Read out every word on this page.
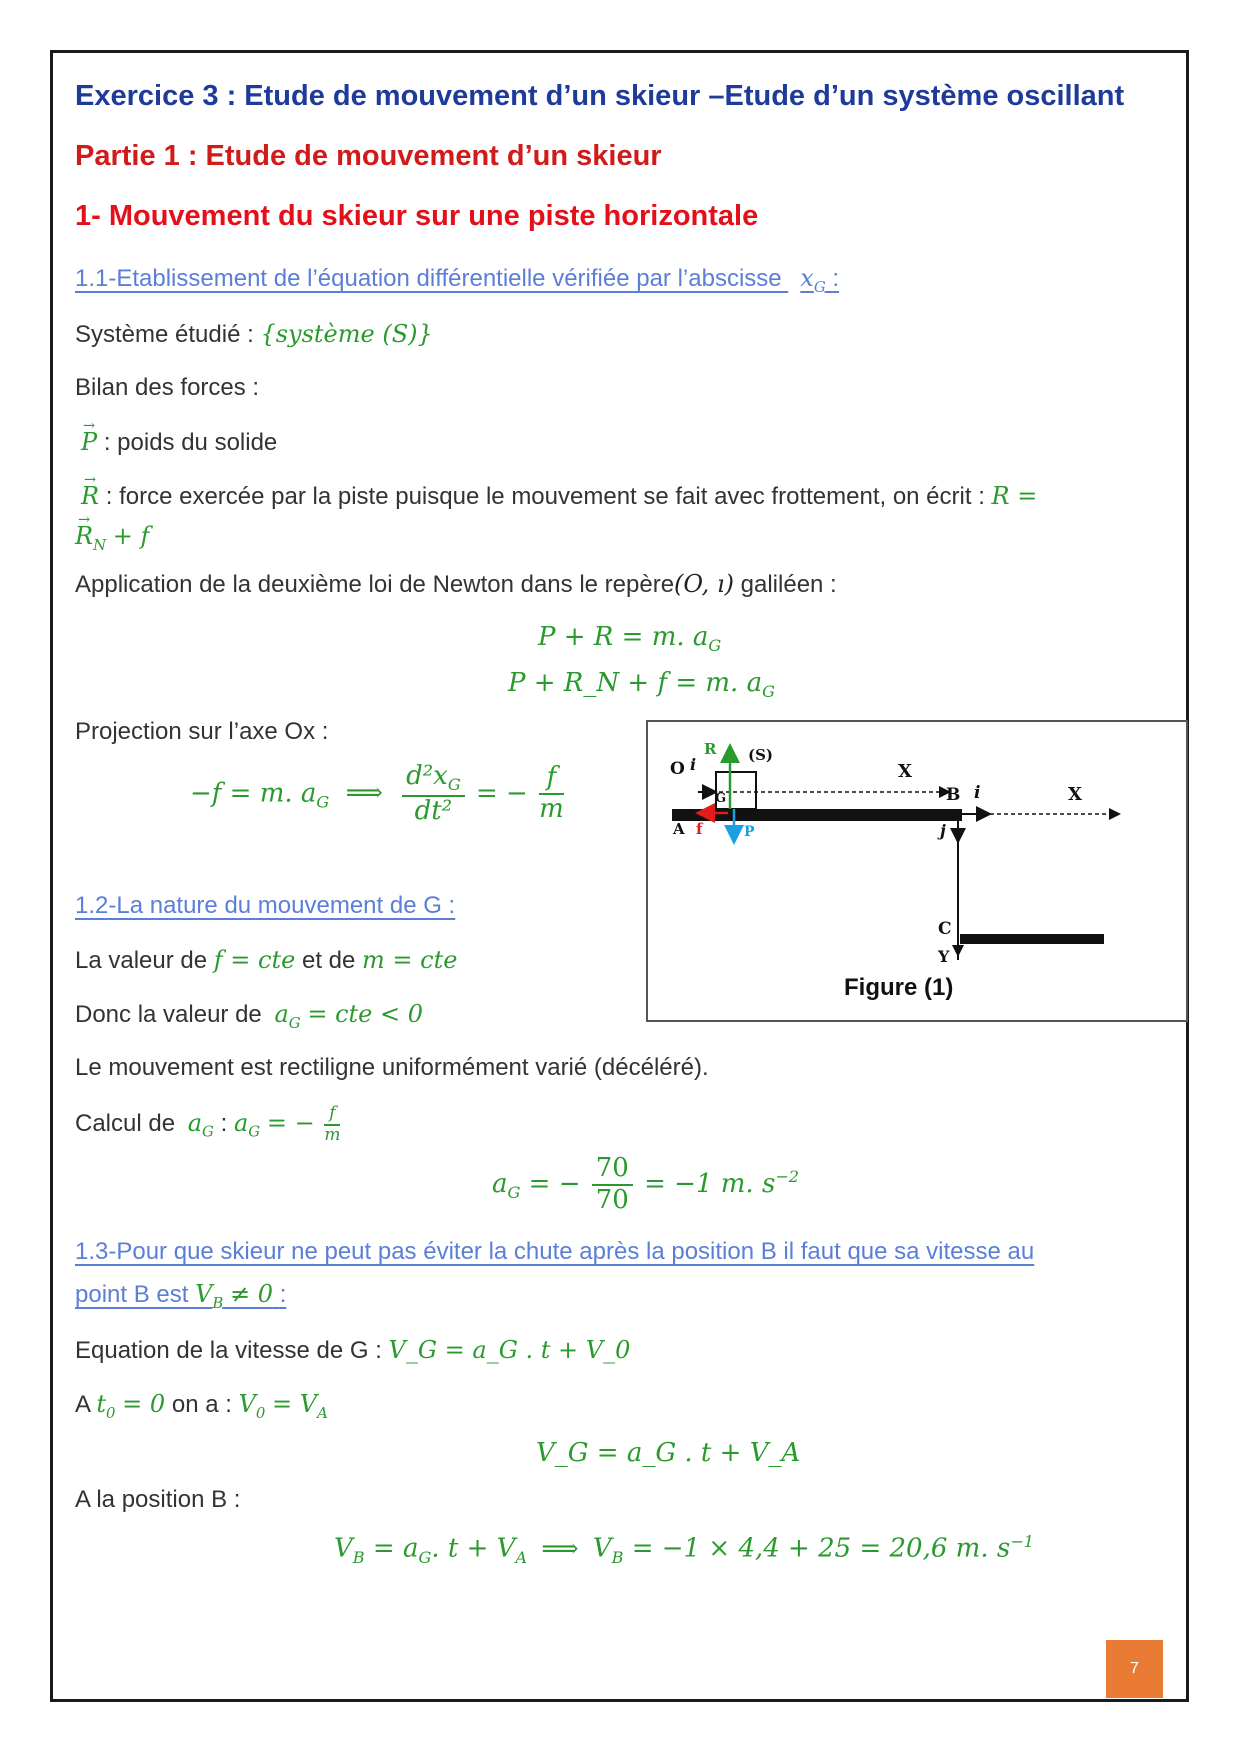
Exercice 3 : Etude de mouvement d’un skieur –Etude d’un système oscillant
Partie 1 : Etude de mouvement d’un skieur
1- Mouvement du skieur sur une piste horizontale
1.1-Etablissement de l’équation différentielle vérifiée par l’abscisse $x_G$ :
Système étudié : {système (S)}
Bilan des forces :
→ P : poids du solide
→ R : force exercée par la piste puisque le mouvement se fait avec frottement, on écrit : R =
→ $R_N + f$
Application de la deuxième loi de Newton dans le repère(O, ı) galiléen :
P + R = m. $a_G$
P + R_N + f = m. $a_G$
Projection sur l’axe Ox :
−f = m. $a_G$ ⟹ $\frac{d^2x_G}{\text{dt²}}$ = − $\frac{f}{m}$
1.2-La nature du mouvement de G :
La valeur de f = cte et de m = cte
Donc la valeur de $a_G$ = cte < 0
Le mouvement est rectiligne uniformément varié (décéléré).
Calcul de $a_G$ : $a_G$ = − $\frac{f}{m}$
$a_G$ = − $\frac{70}{70} = -1$ m. $s^{-2}$
1.3-Pour que skieur ne peut pas éviter la chute après la position B il faut que sa vitesse au
point B est $V_B \ne 0$ :
Equation de la vitesse de G : V_G = a_G . t + V_0
A $t_0 = 0$ on a : $V_0 = V_A$
V_G = a_G . t + V_A
A la position B :
$V_B = a_G$. $t + V_A$ ⟹ $V_B = -1 \times 4,4 + 25 = 20,6$ m. $s^{-1}$
O i
R (S)
X
B i	X
G
A f	P	j
C
Y
Figure (1)
7
